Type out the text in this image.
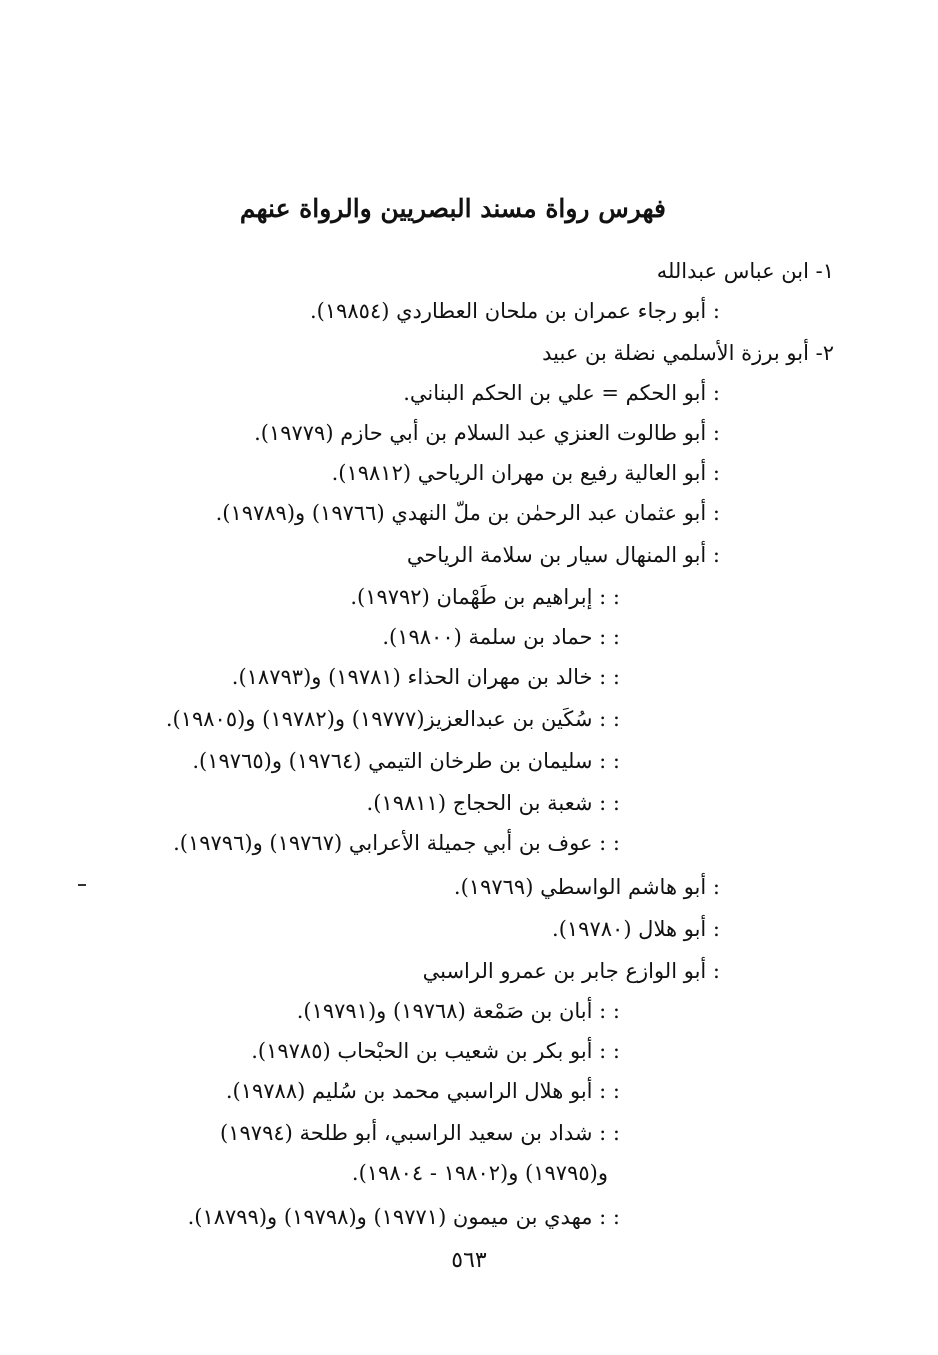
فهرس رواة مسند البصريين والرواة عنهم
١- ابن عباس عبدالله
: أبو رجاء عمران بن ملحان العطاردي (١٩٨٥٤).
٢- أبو برزة الأسلمي نضلة بن عبيد
: أبو الحكم = علي بن الحكم البناني.
: أبو طالوت العنزي عبد السلام بن أبي حازم (١٩٧٧٩).
: أبو العالية رفيع بن مهران الرياحي (١٩٨١٢).
: أبو عثمان عبد الرحمٰن بن ملّ النهدي (١٩٧٦٦) و(١٩٧٨٩).
: أبو المنهال سيار بن سلامة الرياحي
: : إبراهيم بن طَهْمان (١٩٧٩٢).
: : حماد بن سلمة (١٩٨٠٠).
: : خالد بن مهران الحذاء (١٩٧٨١) و(١٨٧٩٣).
: : سُكَين بن عبدالعزيز(١٩٧٧٧) و(١٩٧٨٢) و(١٩٨٠٥).
: : سليمان بن طرخان التيمي (١٩٧٦٤) و(١٩٧٦٥).
: : شعبة بن الحجاج (١٩٨١١).
: : عوف بن أبي جميلة الأعرابي (١٩٧٦٧) و(١٩٧٩٦).
: أبو هاشم الواسطي (١٩٧٦٩).
: أبو هلال (١٩٧٨٠).
: أبو الوازع جابر بن عمرو الراسبي
: : أبان بن صَمْعة (١٩٧٦٨) و(١٩٧٩١).
: : أبو بكر بن شعيب بن الحبْحاب (١٩٧٨٥).
: : أبو هلال الراسبي محمد بن سُليم (١٩٧٨٨).
: : شداد بن سعيد الراسبي، أبو طلحة (١٩٧٩٤)
و(١٩٧٩٥) و(١٩٨٠٢ - ١٩٨٠٤).
: : مهدي بن ميمون (١٩٧٧١) و(١٩٧٩٨) و(١٨٧٩٩).
٥٦٣
